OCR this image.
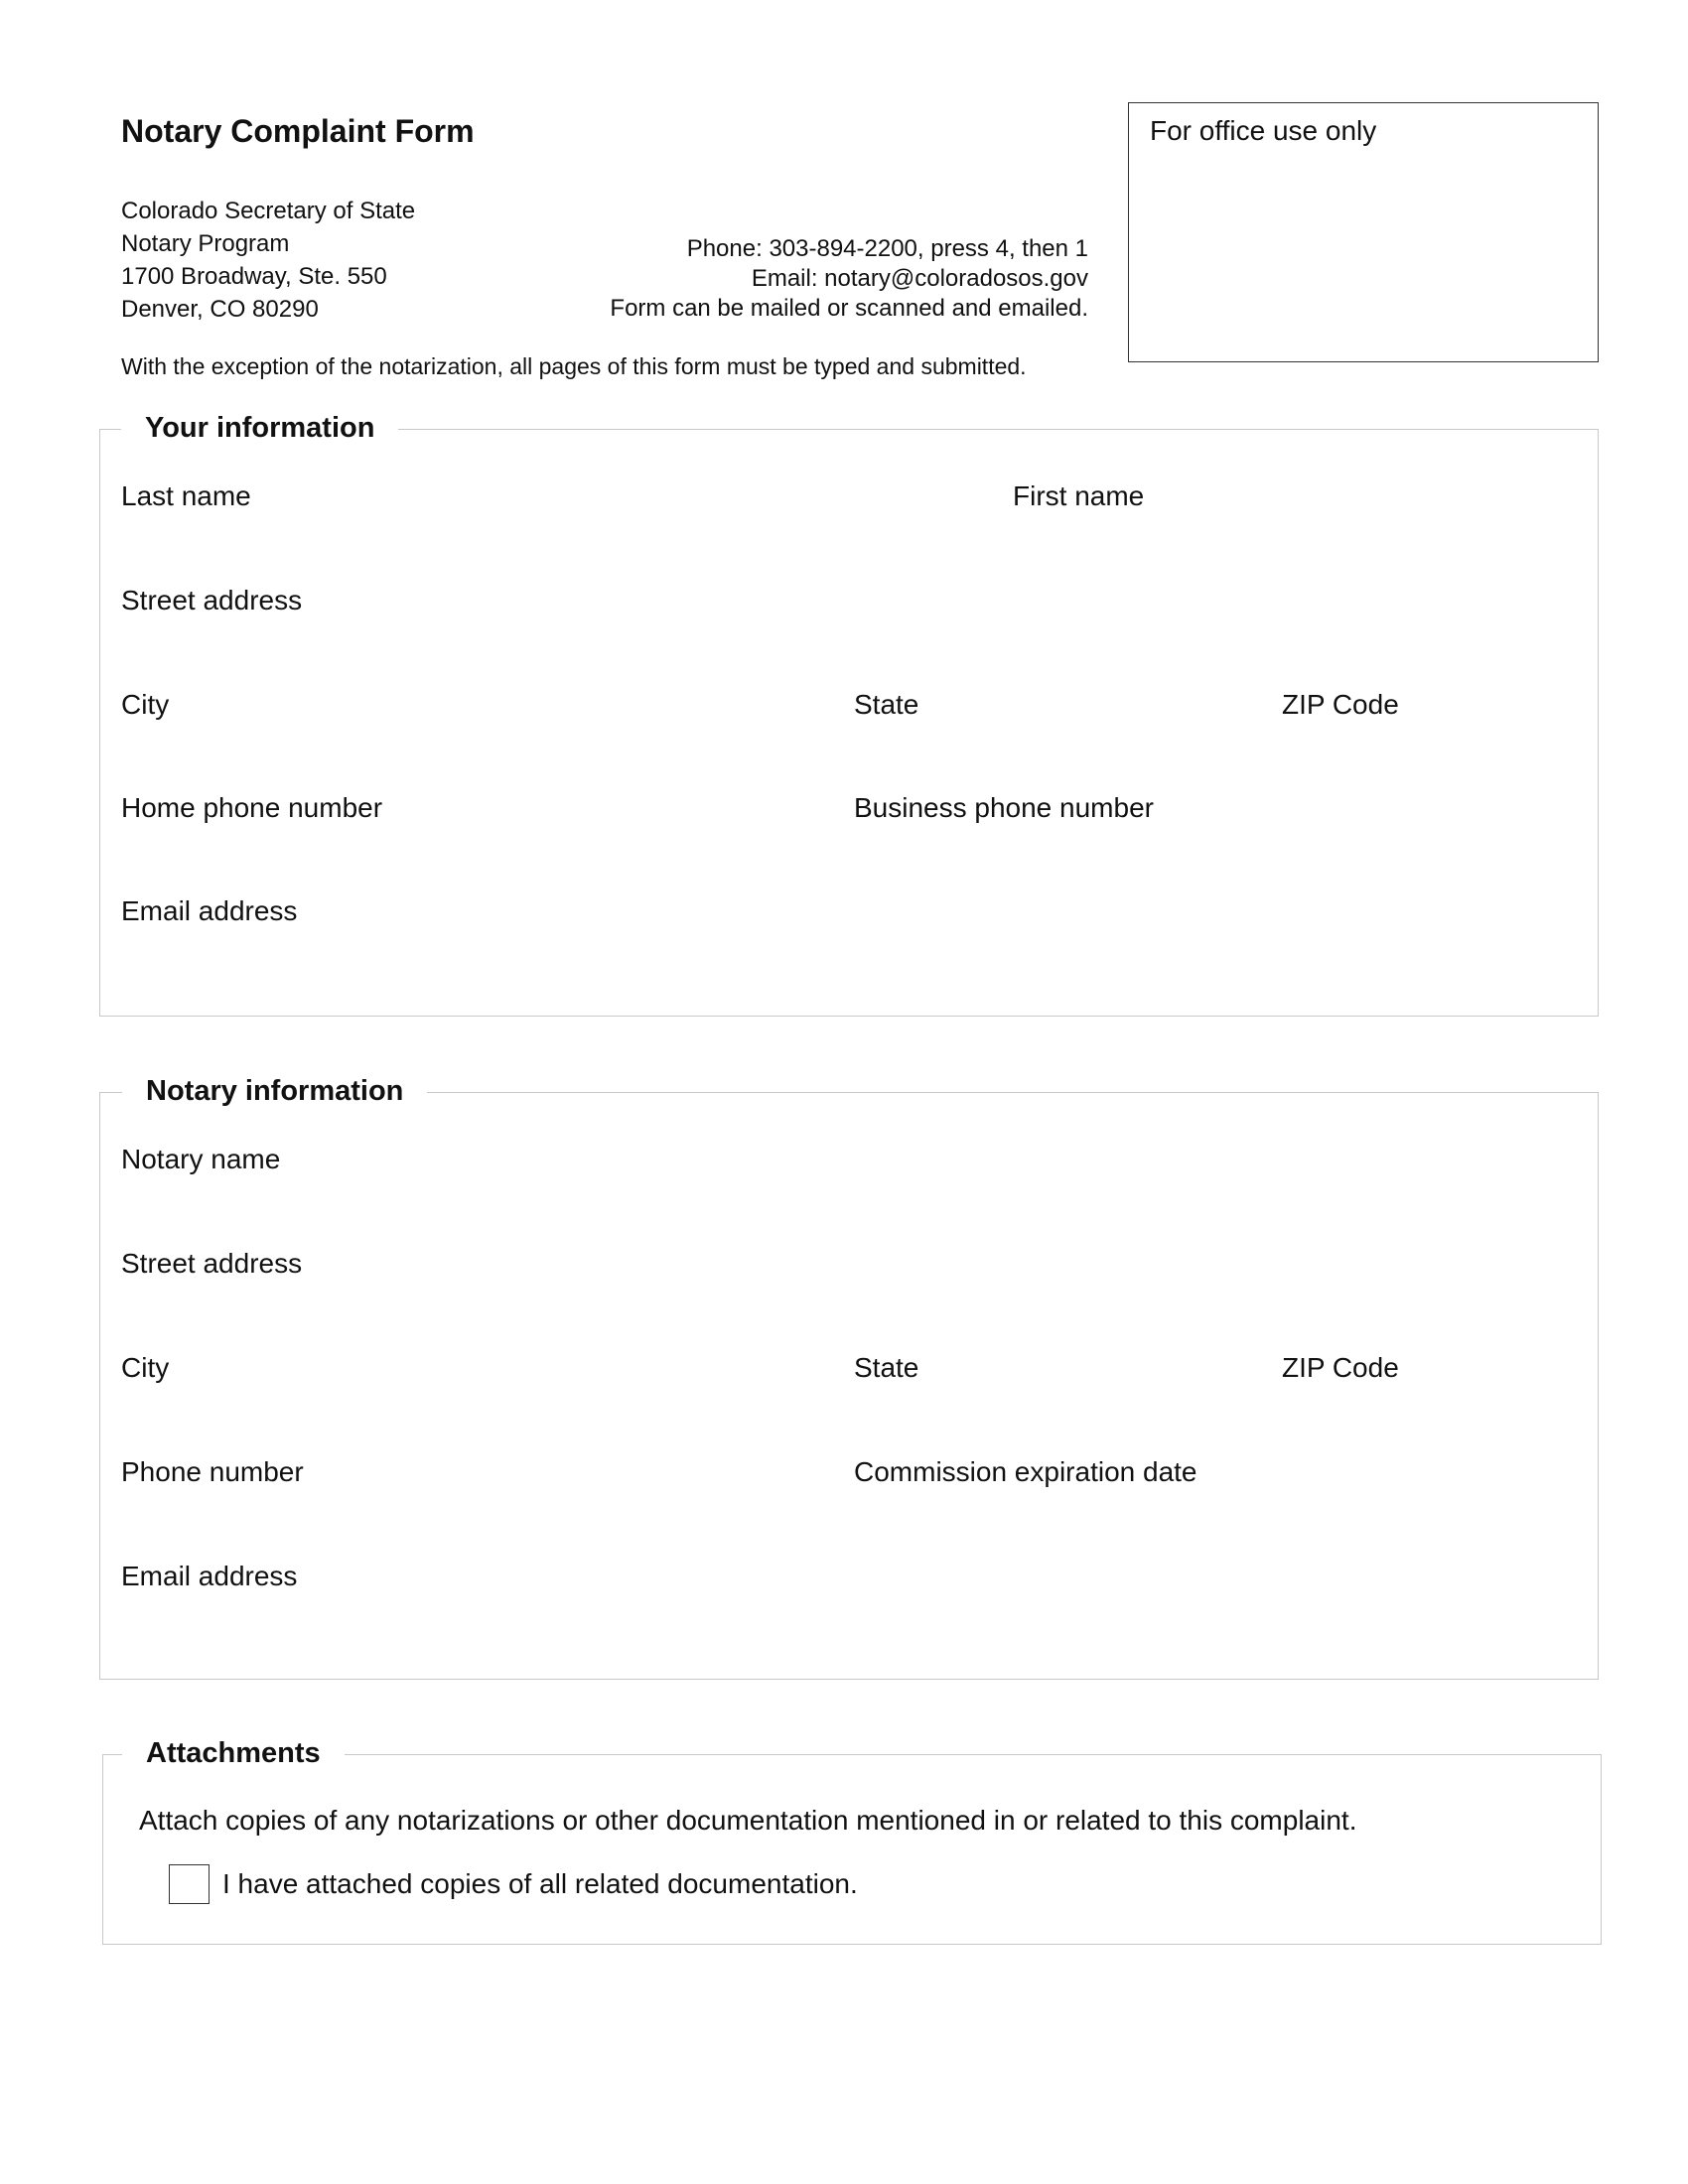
Notary Complaint Form
Colorado Secretary of State
Notary Program
1700 Broadway, Ste. 550
Denver, CO 80290
Phone: 303-894-2200, press 4, then 1
Email: notary@coloradosos.gov
Form can be mailed or scanned and emailed.
With the exception of the notarization, all pages of this form must be typed and submitted.
For office use only
Your information
Last name	First name
Street address
City	State	ZIP Code
Home phone number	Business phone number
Email address
Notary information
Notary name
Street address
City	State	ZIP Code
Phone number	Commission expiration date
Email address
Attachments
Attach copies of any notarizations or other documentation mentioned in or related to this complaint.
I have attached copies of all related documentation.
